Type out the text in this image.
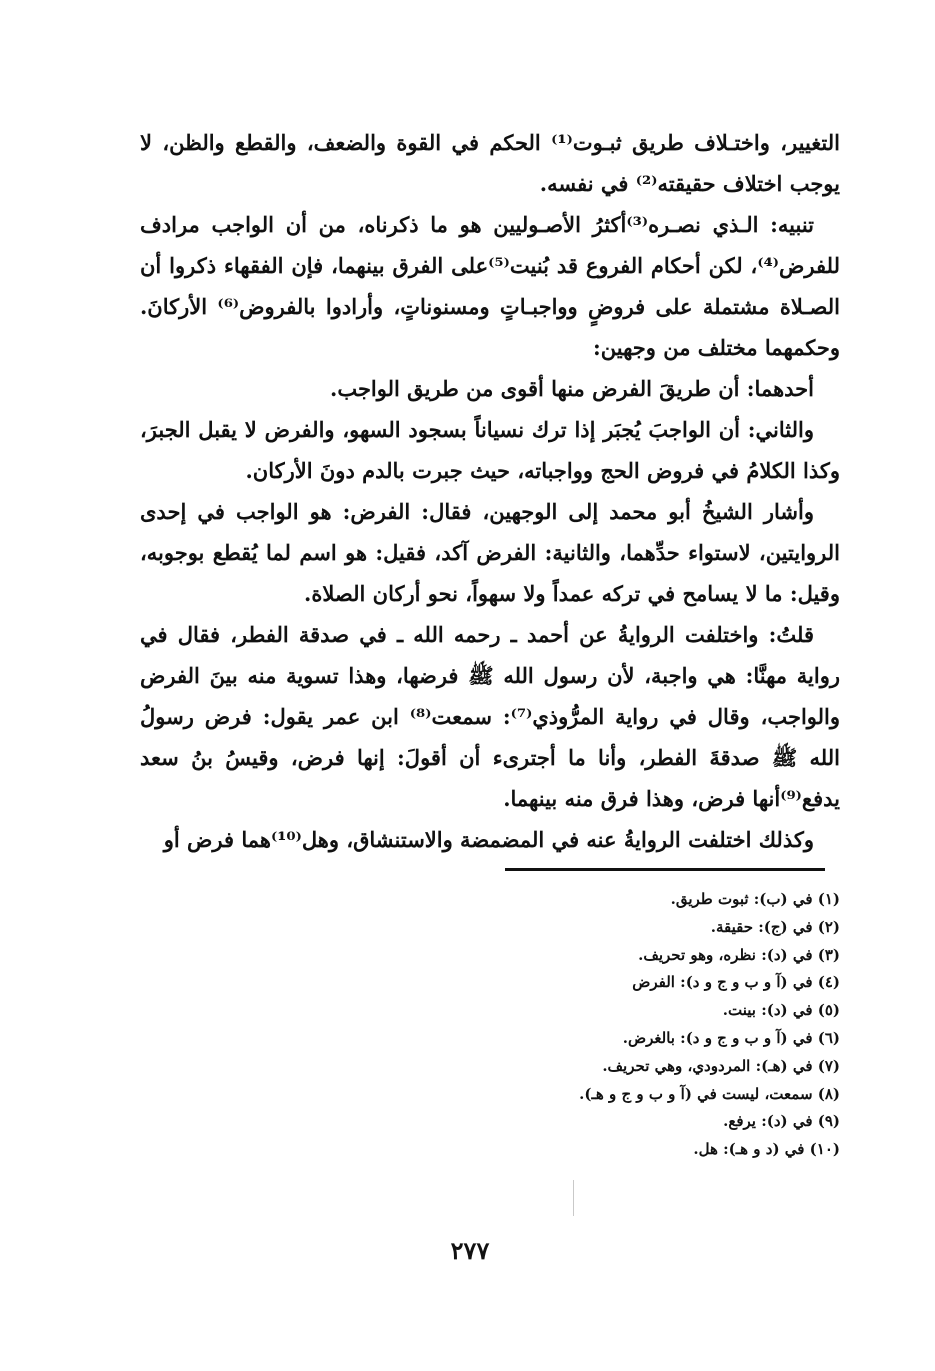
التغيير، واختـلاف طريق ثبـوت⁽¹⁾ الحكم في القوة والضعف، والقطع والظن، لا يوجب اختلاف حقيقته⁽²⁾ في نفسه.

تنبيه: الـذي نصـره⁽³⁾أكثرُ الأصـوليين هو ما ذكرناه، من أن الواجب مرادف للفرض⁽⁴⁾، لكن أحكام الفروع قد بُنيت⁽⁵⁾على الفرق بينهما، فإن الفقهاء ذكروا أن الصـلاة مشتملة على فروضٍ وواجبـاتٍ ومسنوناتٍ، وأرادوا بالفروض⁽⁶⁾ الأركانَ. وحكمهما مختلف من وجهين:

أحدهما: أن طريقَ الفرض منها أقوى من طريق الواجب.

والثاني: أن الواجبَ يُجبَر إذا ترك نسياناً بسجود السهو، والفرض لا يقبل الجبرَ، وكذا الكلامُ في فروض الحج وواجباته، حيث جبرت بالدم دونَ الأركان.

وأشار الشيخُ أبو محمد إلى الوجهين، فقال: الفرض: هو الواجب في إحدى الروايتين، لاستواء حدِّهما، والثانية: الفرض آكد، فقيل: هو اسم لما يُقطع بوجوبه، وقيل: ما لا يسامح في تركه عمداً ولا سهواً، نحو أركان الصلاة.

قلتُ: واختلفت الروايةُ عن أحمد ـ رحمه الله ـ في صدقة الفطر، فقال في رواية مهنَّا: هي واجبة، لأن رسول الله ﷺ فرضها، وهذا تسوية منه بينَ الفرض والواجب، وقال في رواية المرُّوذي⁽⁷⁾: سمعت⁽⁸⁾ ابن عمر يقول: فرض رسولُ الله ﷺ صدقةَ الفطر، وأنا ما أجترىء أن أقولَ: إنها فرض، وقيسُ بنُ سعد يدفع⁽⁹⁾أنها فرض، وهذا فرق منه بينهما.

وكذلك اختلفت الروايةُ عنه في المضمضة والاستنشاق، وهل⁽¹⁰⁾هما فرض أو

(١) في (ب): ثبوت طريق.
(٢) في (ج): حقيقة.
(٣) في (د): نظره، وهو تحريف.
(٤) في (آ و ب و ج و د): الفرض
(٥) في (د): بينت.
(٦) في (آ و ب و ج و د): بالغرض.
(٧) في (هـ): المردودي، وهي تحريف.
(٨) سمعت، ليست في (آ و ب و ج و هـ).
(٩) في (د): يرفع.
(١٠) في (د و هـ): هل.
٢٧٧
